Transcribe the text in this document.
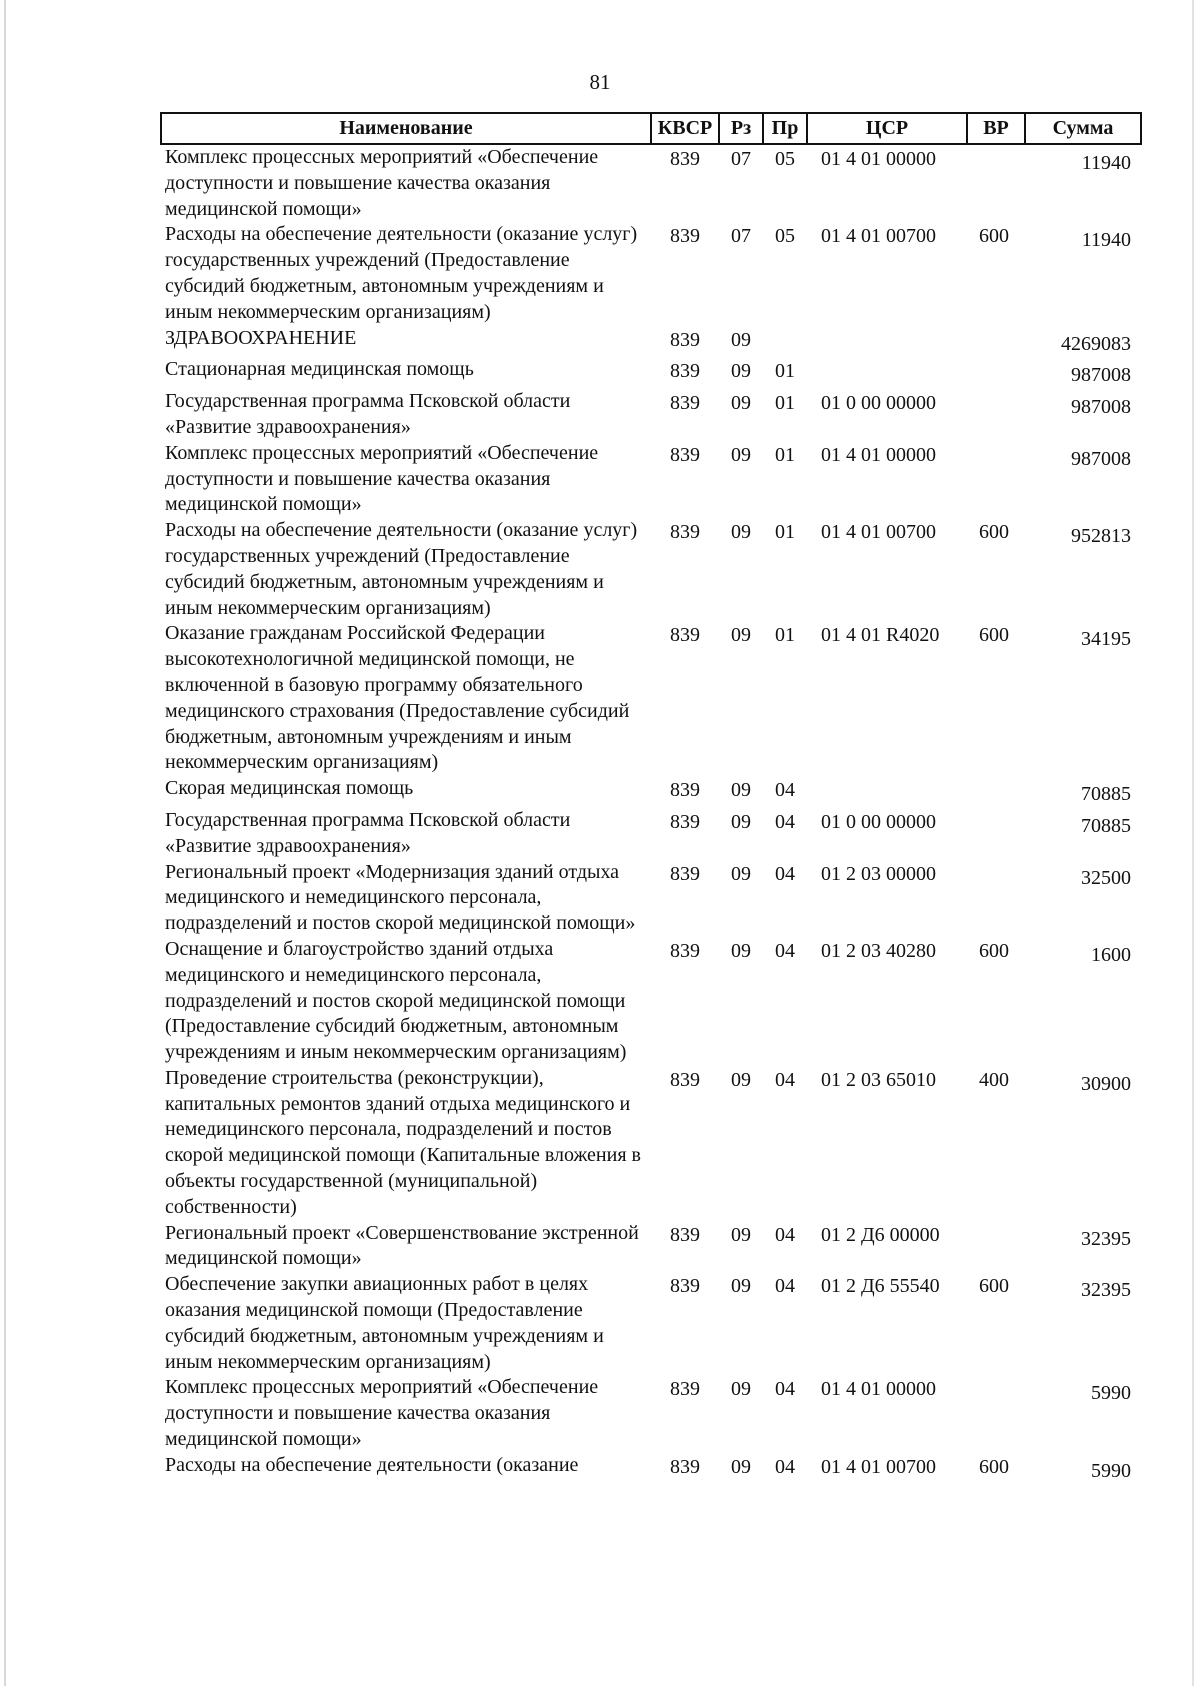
81
Наименование	КВСР	Рз	Пр	ЦСР	ВР	Сумма
Комплекс процессных мероприятий «Обеспечение доступности и повышение качества оказания медицинской помощи»	839	07	05	01 4 01 00000		11940
Расходы на обеспечение деятельности (оказание услуг) государственных учреждений (Предоставление субсидий бюджетным, автономным учреждениям и иным некоммерческим организациям)	839	07	05	01 4 01 00700	600	11940
ЗДРАВООХРАНЕНИЕ	839	09				4269083
Стационарная медицинская помощь	839	09	01			987008
Государственная программа Псковской области «Развитие здравоохранения»	839	09	01	01 0 00 00000		987008
Комплекс процессных мероприятий «Обеспечение доступности и повышение качества оказания медицинской помощи»	839	09	01	01 4 01 00000		987008
Расходы на обеспечение деятельности (оказание услуг) государственных учреждений (Предоставление субсидий бюджетным, автономным учреждениям и иным некоммерческим организациям)	839	09	01	01 4 01 00700	600	952813
Оказание гражданам Российской Федерации высокотехнологичной медицинской помощи, не включенной в базовую программу обязательного медицинского страхования (Предоставление субсидий бюджетным, автономным учреждениям и иным некоммерческим организациям)	839	09	01	01 4 01 R4020	600	34195
Скорая медицинская помощь	839	09	04			70885
Государственная программа Псковской области «Развитие здравоохранения»	839	09	04	01 0 00 00000		70885
Региональный проект «Модернизация зданий отдыха медицинского и немедицинского персонала, подразделений и постов скорой медицинской помощи»	839	09	04	01 2 03 00000		32500
Оснащение и благоустройство зданий отдыха медицинского и немедицинского персонала, подразделений и постов скорой медицинской помощи (Предоставление субсидий бюджетным, автономным учреждениям и иным некоммерческим организациям)	839	09	04	01 2 03 40280	600	1600
Проведение строительства (реконструкции), капитальных ремонтов зданий отдыха медицинского и немедицинского персонала, подразделений и постов скорой медицинской помощи (Капитальные вложения в объекты государственной (муниципальной) собственности)	839	09	04	01 2 03 65010	400	30900
Региональный проект «Совершенствование экстренной медицинской помощи»	839	09	04	01 2 Д6 00000		32395
Обеспечение закупки авиационных работ в целях оказания медицинской помощи (Предоставление субсидий бюджетным, автономным учреждениям и иным некоммерческим организациям)	839	09	04	01 2 Д6 55540	600	32395
Комплекс процессных мероприятий «Обеспечение доступности и повышение качества оказания медицинской помощи»	839	09	04	01 4 01 00000		5990
Расходы на обеспечение деятельности (оказание	839	09	04	01 4 01 00700	600	5990
